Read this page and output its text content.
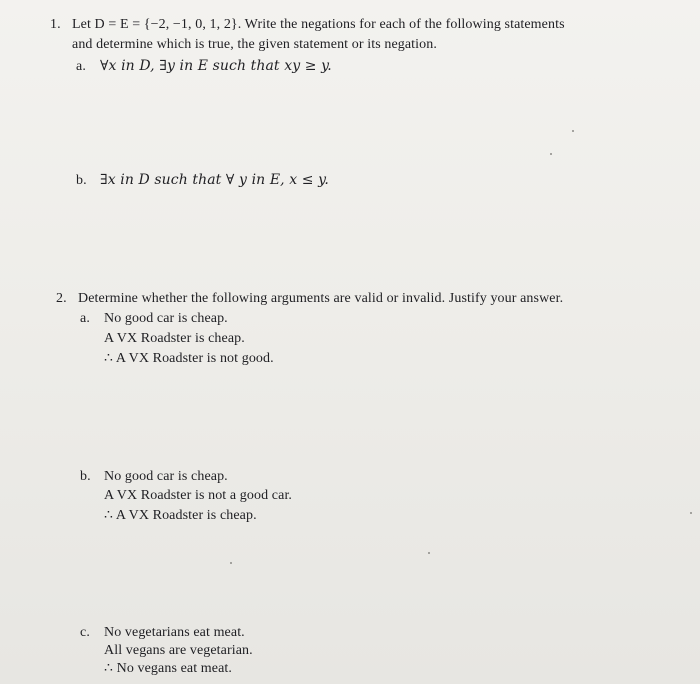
1. Let D = E = {−2, −1, 0, 1, 2}. Write the negations for each of the following statements
and determine which is true, the given statement or its negation.
a. ∀x in D, ∃y in E such that xy ≥ y.
b. ∃x in D such that ∀ y in E, x ≤ y.
2. Determine whether the following arguments are valid or invalid. Justify your answer.
a. No good car is cheap.
A VX Roadster is cheap.
∴ A VX Roadster is not good.
b. No good car is cheap.
A VX Roadster is not a good car.
∴ A VX Roadster is cheap.
c. No vegetarians eat meat.
All vegans are vegetarian.
∴ No vegans eat meat.
